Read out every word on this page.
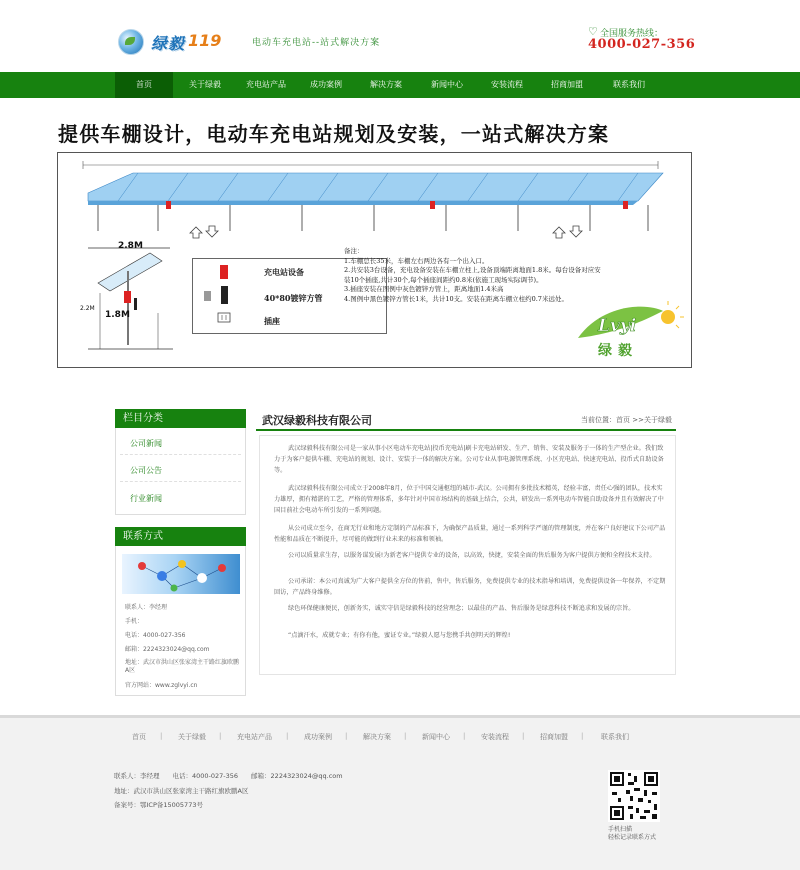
绿毅 119	电动车充电站--站式解决方案
♡ 全国服务热线：
4000-027-356
首页	关于绿毅	充电站产品	成功案例	解决方案	新闻中心	安装流程	招商加盟	联系我们
提供车棚设计，电动车充电站规划及安装，一站式解决方案
Lvyi
充电站设备
40*80镀锌方管
插座
2.8M
1.8M
2.2M
备注：
1.车棚总长35米，车棚左右两边各有一个出入口。
2.共安装3台设备，充电设备安装在车棚立柱上,设备顶端距离地面1.8米。每台设备对应安装10个插座,共计30个,每个插座间距约0.8米(依施工现场实际调节)。
3.插座安装在图例中灰色镀锌方管上，距离地面1.4米高
4.图例中黑色镀锌方管长1米，共计10支。安装在距离车棚立柱约0.7米远处。
绿毅
栏目分类
公司新闻
公司公告
行业新闻
联系方式
联系人：李经理
手机：
电话：4000-027-356
邮箱：2224323024@qq.com
地址：武汉市洪山区张家湾主干路红旗欧鹏A区
官方网站：www.zglvyi.cn
武汉绿毅科技有限公司	当前位置：首页 >>关于绿毅
武汉绿毅科技有限公司是一家从事小区电动车充电站|投币充电站|刷卡充电站研发、生产、销售、安装及服务于一体的生产型企业。我们致力于为客户提供车棚、充电站的规划、设计、安装于一体的解决方案。公司专业从事电源管理系统、小区充电站、快速充电站、投币式自助设备等。
武汉绿毅科技有限公司成立于2008年8月，位于中国交通枢纽的城市-武汉。公司拥有多批技术精英，经验丰富，责任心强的团队，技术实力雄厚，拥有精湛的工艺，严格的管理体系，多年针对中国市场结构的基础上结合，公共，研发出一系列电动车智能自助设备并且有效解决了中国目前社会电动车所引发的一系列问题。
从公司成立至今，在商无行业和地方定制的产品标准下，为确保产品质量，通过一系列科学严谨的管理制度，并在客户良好建议下公司产品性能和品质在不断提升，尽可能的做到行业未来的标准和领袖。
公司以质量求生存，以服务谋发展!为新老客户提供专业的设备，以高效，快捷，安装全面的售后服务为客户提供方便和全程技术支持。
公司承诺：本公司真诚为广大客户提供全方位的售前，售中，售后服务，免费提供专业的技术指导和培训，免费提供设备一年保养，不定期回访，产品终身维修。
绿色环保健康便民，创新务实，诚实守信是绿毅科技的经营理念；以最佳的产品、售后服务是绿意科技不断追求和发展的宗旨。
“点滴汗水，成就专业；有你有他，蜜证专业。”绿毅人愿与您携手共创明天的辉煌!
首页 | 关于绿毅 | 充电站产品 | 成功案例 | 解决方案 | 新闻中心 | 安装流程 | 招商加盟 |	联系我们
联系人：李经理　　电话：4000-027-356　　邮箱：2224323024@qq.com
地址：武汉市洪山区张家湾主干路红旗欧鹏A区
备案号：鄂ICP备15005773号
手机扫描
轻松记录联系方式
